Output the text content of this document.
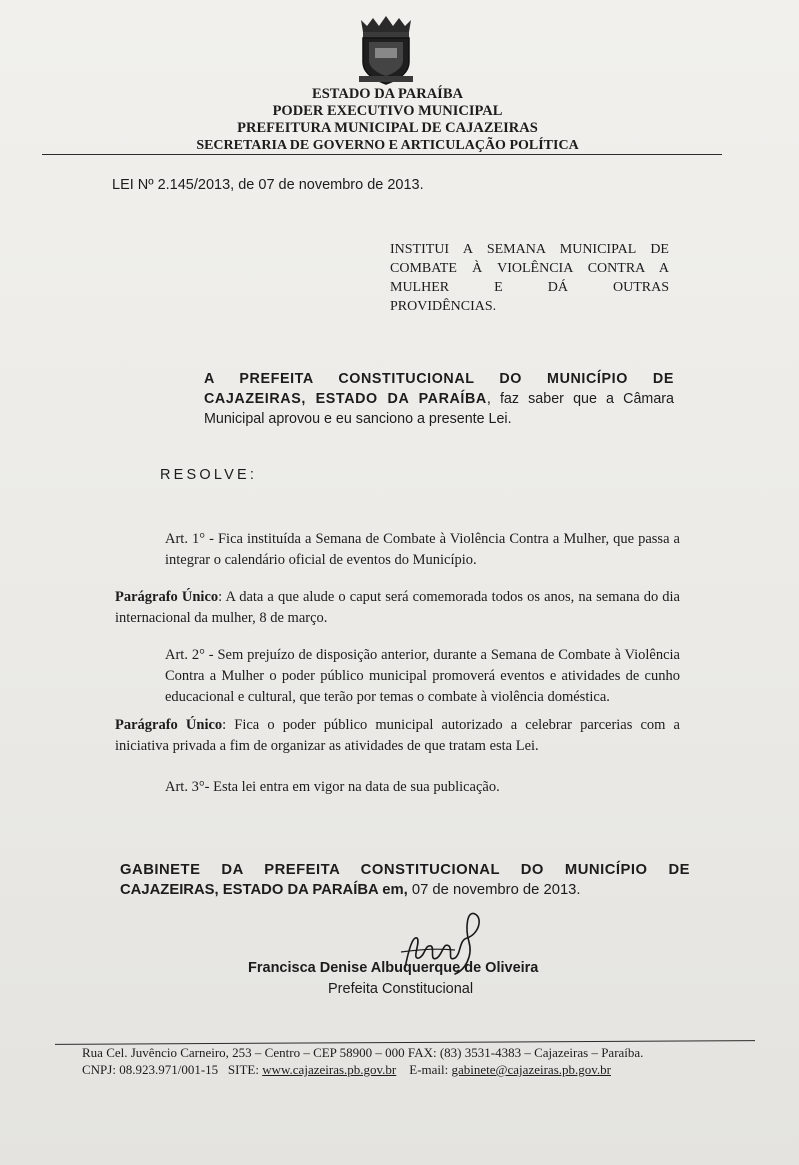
ESTADO DA PARAÍBA
PODER EXECUTIVO MUNICIPAL
PREFEITURA MUNICIPAL DE CAJAZEIRAS
SECRETARIA DE GOVERNO E ARTICULAÇÃO POLÍTICA
LEI Nº 2.145/2013, de 07 de novembro de 2013.
INSTITUI A SEMANA MUNICIPAL DE
COMBATE À VIOLÊNCIA CONTRA A
MULHER E DÁ OUTRAS
PROVIDÊNCIAS.
A PREFEITA CONSTITUCIONAL DO MUNICÍPIO DE CAJAZEIRAS, ESTADO DA PARAÍBA, faz saber que a Câmara Municipal aprovou e eu sanciono a presente Lei.
RESOLVE:
Art. 1° - Fica instituída a Semana de Combate à Violência Contra a Mulher, que passa a integrar o calendário oficial de eventos do Município.
Parágrafo Único: A data a que alude o caput será comemorada todos os anos, na semana do dia internacional da mulher, 8 de março.
Art. 2° - Sem prejuízo de disposição anterior, durante a Semana de Combate à Violência Contra a Mulher o poder público municipal promoverá eventos e atividades de cunho educacional e cultural, que terão por temas o combate à violência doméstica.
Parágrafo Único: Fica o poder público municipal autorizado a celebrar parcerias com a iniciativa privada a fim de organizar as atividades de que tratam esta Lei.
Art. 3°- Esta lei entra em vigor na data de sua publicação.
GABINETE DA PREFEITA CONSTITUCIONAL DO MUNICÍPIO DE
CAJAZEIRAS, ESTADO DA PARAÍBA em, 07 de novembro de 2013.
Francisca Denise Albuquerque de Oliveira
Prefeita Constitucional
Rua Cel. Juvêncio Carneiro, 253 – Centro – CEP 58900 – 000 FAX: (83) 3531-4383 – Cajazeiras – Paraíba.
CNPJ: 08.923.971/001-15 SITE: www.cajazeiras.pb.gov.br E-mail: gabinete@cajazeiras.pb.gov.br
